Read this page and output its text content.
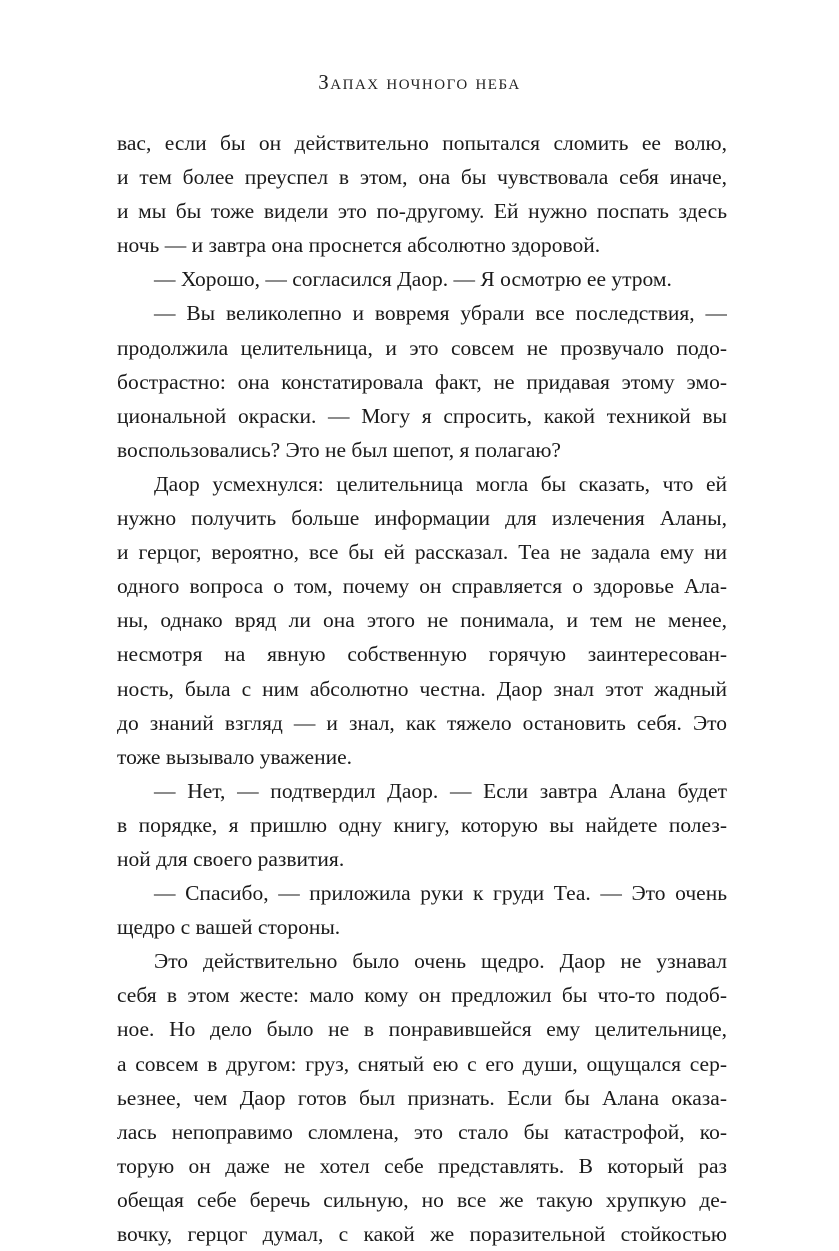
Запах ночного неба
вас, если бы он действительно попытался сломить ее волю,
и тем более преуспел в этом, она бы чувствовала себя иначе,
и мы бы тоже видели это по-другому. Ей нужно поспать здесь
ночь — и завтра она проснется абсолютно здоровой.
— Хорошо, — согласился Даор. — Я осмотрю ее утром.
— Вы великолепно и вовремя убрали все последствия, —
продолжила целительница, и это совсем не прозвучало подо-
бострастно: она констатировала факт, не придавая этому эмо-
циональной окраски. — Могу я спросить, какой техникой вы
воспользовались? Это не был шепот, я полагаю?
Даор усмехнулся: целительница могла бы сказать, что ей
нужно получить больше информации для излечения Аланы,
и герцог, вероятно, все бы ей рассказал. Теа не задала ему ни
одного вопроса о том, почему он справляется о здоровье Ала-
ны, однако вряд ли она этого не понимала, и тем не менее,
несмотря на явную собственную горячую заинтересован-
ность, была с ним абсолютно честна. Даор знал этот жадный
до знаний взгляд — и знал, как тяжело остановить себя. Это
тоже вызывало уважение.
— Нет, — подтвердил Даор. — Если завтра Алана будет
в порядке, я пришлю одну книгу, которую вы найдете полез-
ной для своего развития.
— Спасибо, — приложила руки к груди Теа. — Это очень
щедро с вашей стороны.
Это действительно было очень щедро. Даор не узнавал
себя в этом жесте: мало кому он предложил бы что-то подоб-
ное. Но дело было не в понравившейся ему целительнице,
а совсем в другом: груз, снятый ею с его души, ощущался сер-
ьезнее, чем Даор готов был признать. Если бы Алана оказа-
лась непоправимо сломлена, это стало бы катастрофой, ко-
торую он даже не хотел себе представлять. В который раз
обещая себе беречь сильную, но все же такую хрупкую де-
вочку, герцог думал, с какой же поразительной стойкостью
